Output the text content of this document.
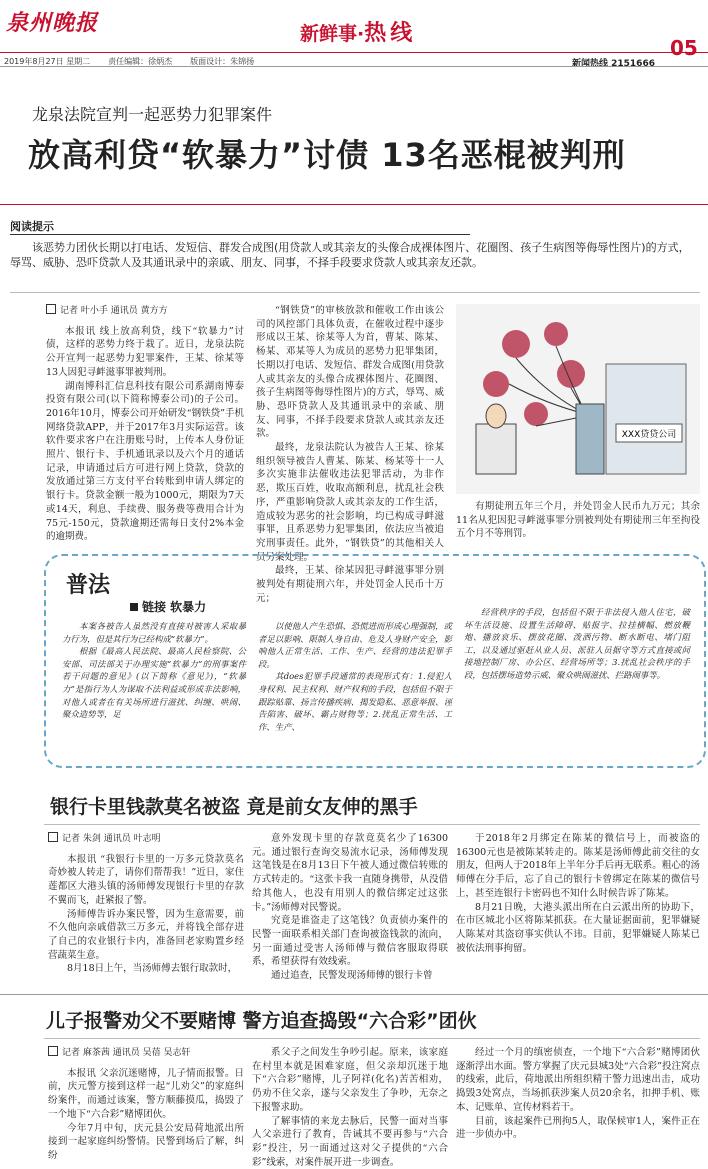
泉州晚报	新鲜事·热线
05
2019年8月27日 星期二 责任编辑：徐炳杰 版面设计：朱锦扬	新闻热线 2151666
龙泉法院宣判一起恶势力犯罪案件
放高利贷“软暴力”讨债 13名恶棍被判刑
阅读提示

该恶势力团伙长期以打电话、发短信、群发合成图(用贷款人或其亲友的头像合成裸体图片、花圈图、孩子生病图等侮辱性图片)的方式，辱骂、威胁、恐吓贷款人及其通讯录中的亲戚、朋友、同事，不择手段要求贷款人或其亲友还款。

记者 叶小手 通讯员 黄方方

本报讯 线上放高利贷，线下“软暴力”讨债，这样的恶势力终于栽了。近日，龙泉法院公开宣判一起恶势力犯罪案件，王某、徐某等13人因犯寻衅滋事罪被判刑。

湖南博科汇信息科技有限公司系湖南博泰投资有限公司(以下简称博泰公司)的子公司。2016年10月，博泰公司开始研发“钢铁贷”手机网络贷款APP，并于2017年3月实际运营。该软件要求客户在注册账号时，上传本人身份证照片、银行卡、手机通讯录以及六个月的通话记录，申请通过后方可进行网上贷款，贷款的发放通过第三方支付平台转账到申请人绑定的银行卡。贷款金额一般为1000元，期限为7天或14天，利息、手续费、服务费等费用合计为75元-150元，贷款逾期还需每日支付2%本金的逾期费。

“钢铁贷”的审核放款和催收工作由该公司的风控部门具体负责，在催收过程中逐步形成以王某、徐某等人为首，曹某、陈某、杨某、邓某等人为成员的恶势力犯罪集团，长期以打电话、发短信、群发合成图(用贷款人或其亲友的头像合成裸体图片、花圈图、孩子生病图等侮辱性图片)的方式，辱骂、威胁、恐吓贷款人及其通讯录中的亲戚、朋友、同事，不择手段要求贷款人或其亲友还款。

最终，龙泉法院认为被告人王某、徐某组织领导被告人曹某、陈某、杨某等十一人多次实施非法催收违法犯罪活动，为非作恶，欺压百姓，收取高额利息，扰乱社会秩序，严重影响贷款人或其亲友的工作生活，造成较为恶劣的社会影响，均已构成寻衅滋事罪，且系恶势力犯罪集团，依法应当被追究刑事责任。此外，“钢铁贷”的其他相关人员另案处理。

最终，王某、徐某因犯寻衅滋事罪分别被判处有期徒刑六年，并处罚金人民币十万元；

XXX贷贷公司

有期徒刑五年三个月，并处罚金人民币九万元；其余11名从犯因犯寻衅滋事罪分别被判处有期徒刑三年至拘役五个月不等刑罚。

普法
链接 软暴力

本案各被告人虽然没有直接对被害人采取暴力行为，但是其行为已经构成“软暴力”。

根据《最高人民法院、最高人民检察院、公安部、司法部关于办理实施“软暴力”的刑事案件若干问题的意见》(以下简称《意见》)，“软暴力”是指行为人为谋取不法利益或形成非法影响，对他人或者在有关场所进行滋扰、纠缠、哄闹、聚众造势等，足

以使他人产生恐惧、恐慌进而形成心理强制，或者足以影响、限制人身自由、危及人身财产安全，影响他人正常生活、工作、生产、经营的违法犯罪手段。

其does犯罪手段通常的表现形式有：1.侵犯人身权利、民主权利、财产权利的手段，包括但不限于跟踪贴靠、扬言传播疾病、揭发隐私、恶意举报、诬告陷害、破坏、霸占财物等；2.扰乱正常生活、工作、生产、

经营秩序的手段，包括但不限于非法侵入他人住宅，破坏生活设施、设置生活障碍、贴报字、拉挂横幅、燃放鞭炮、播放哀乐、摆放花圈、泼洒污物、断水断电、堵门阻工，以及通过驱赶从业人员、派驻人员据守等方式直接或间接地控制厂房、办公区、经营场所等；3.扰乱社会秩序的手段，包括摆场造势示威、聚众哄闹滋扰、拦路闹事等。

银行卡里钱款莫名被盗 竟是前女友伸的黑手
记者 朱剑 通讯员 叶志明

本报讯 “我银行卡里的一万多元贷款莫名奇妙被人转走了，请你们帮帮我！”近日，家住莲都区大港头镇的汤师傅发现银行卡里的存款不翼而飞，赶紧报了警。

汤师傅告诉办案民警，因为生意需要，前不久他向亲戚借款三万多元，并将钱全部存进了自己的农业银行卡内，准备回老家购置乡经营蔬菜生意。

8月18日上午，当汤师傅去银行取款时，

意外发现卡里的存款竟莫名少了16300元。通过银行查询交易流水记录，汤师傅发现这笔钱是在8月13日下午被人通过微信转账的方式转走的。“这张卡我一直随身携带，从没借给其他人，也没有用别人的微信绑定过这张卡。”汤师傅对民警说。

究竟是谁盗走了这笔钱？负责侦办案件的民警一面联系相关部门查询被盗钱款的流向，另一面通过受害人汤师傅与微信客服取得联系，希望获得有效线索。

通过追查，民警发现汤师傅的银行卡曾

于2018年2月绑定在陈某的微信号上，而被盗的16300元也是被陈某转走的。陈某是汤师傅此前交往的女朋友，但两人于2018年上半年分手后再无联系。粗心的汤师傅在分手后，忘了自己的银行卡曾绑定在陈某的微信号上，甚至连银行卡密码也不知什么时候告诉了陈某。

8月21日晚，大港头派出所在白云派出所的协助下，在市区城北小区将陈某抓获。在大量证据面前，犯罪嫌疑人陈某对其盗窃事实供认不讳。目前，犯罪嫌疑人陈某已被依法刑事拘留。

儿子报警劝父不要赌博 警方追查捣毁“六合彩”团伙
记者 麻茶茜 通讯员 吴蓓 吴志轩

本报讯 父亲沉迷赌博，儿子情而报警。日前，庆元警方接到这样一起“儿劝父”的家庭纠纷案件，而通过该案，警方顺藤摸瓜，捣毁了一个地下“六合彩”赌博团伙。

今年7月中旬，庆元县公安局荷地派出所接到一起家庭纠纷警情。民警到场后了解，纠纷

系父子之间发生争吵引起。原来，该家庭在村里本就是困难家庭，但父亲却沉迷于地下“六合彩”赌博，儿子阿祥(化名)苦苦相劝，仍劝不住父亲，遂与父亲发生了争吵，无奈之下报警求助。

了解事情的来龙去脉后，民警一面对当事人父亲进行了教育，告诫其不要再参与“六合彩”投注，另一面通过这对父子提供的“六合彩”线索，对案件展开进一步调查。

经过一个月的缜密侦查，一个地下“六合彩”赌博团伙逐渐浮出水面。警方掌握了庆元县城3处“六合彩”投注窝点的线索，此后，荷地派出所组织精干警力迅速出击，成功捣毁3处窝点，当场抓获涉案人员20余名，扣押手机、账本、记账单、宣传材料若干。

目前，该起案件已刑拘5人，取保候审1人，案件正在进一步侦办中。
